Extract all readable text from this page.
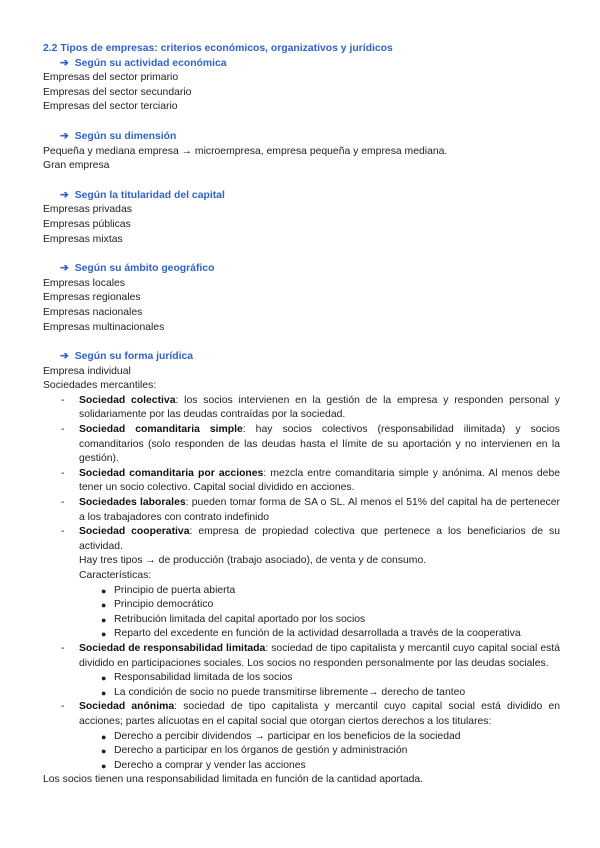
2.2 Tipos de empresas: criterios económicos, organizativos y jurídicos
➔ Según su actividad económica
Empresas del sector primario
Empresas del sector secundario
Empresas del sector terciario
➔ Según su dimensión
Pequeña y mediana empresa → microempresa, empresa pequeña y empresa mediana.
Gran empresa
➔ Según la titularidad del capital
Empresas privadas
Empresas públicas
Empresas mixtas
➔ Según su ámbito geográfico
Empresas locales
Empresas regionales
Empresas nacionales
Empresas multinacionales
➔ Según su forma jurídica
Empresa individual
Sociedades mercantiles:
- Sociedad colectiva: los socios intervienen en la gestión de la empresa y responden personal y solidariamente por las deudas contraídas por la sociedad.
- Sociedad comanditaria simple: hay socios colectivos (responsabilidad ilimitada) y socios comanditarios (solo responden de las deudas hasta el límite de su aportación y no intervienen en la gestión).
- Sociedad comanditaria por acciones: mezcla entre comanditaria simple y anónima. Al menos debe tener un socio colectivo. Capital social dividido en acciones.
- Sociedades laborales: pueden tomar forma de SA o SL. Al menos el 51% del capital ha de pertenecer a los trabajadores con contrato indefinido
- Sociedad cooperativa: empresa de propiedad colectiva que pertenece a los beneficiarios de su actividad.
Hay tres tipos → de producción (trabajo asociado), de venta y de consumo.
Características:
● Principio de puerta abierta
● Principio democrático
● Retribución limitada del capital aportado por los socios
● Reparto del excedente en función de la actividad desarrollada a través de la cooperativa
- Sociedad de responsabilidad limitada: sociedad de tipo capitalista y mercantil cuyo capital social está dividido en participaciones sociales. Los socios no responden personalmente por las deudas sociales.
● Responsabilidad limitada de los socios
● La condición de socio no puede transmitirse libremente→ derecho de tanteo
- Sociedad anónima: sociedad de tipo capitalista y mercantil cuyo capital social está dividido en acciones; partes alícuotas en el capital social que otorgan ciertos derechos a los titulares:
● Derecho a percibir dividendos → participar en los beneficios de la sociedad
● Derecho a participar en los órganos de gestión y administración
● Derecho a comprar y vender las acciones
Los socios tienen una responsabilidad limitada en función de la cantidad aportada.
